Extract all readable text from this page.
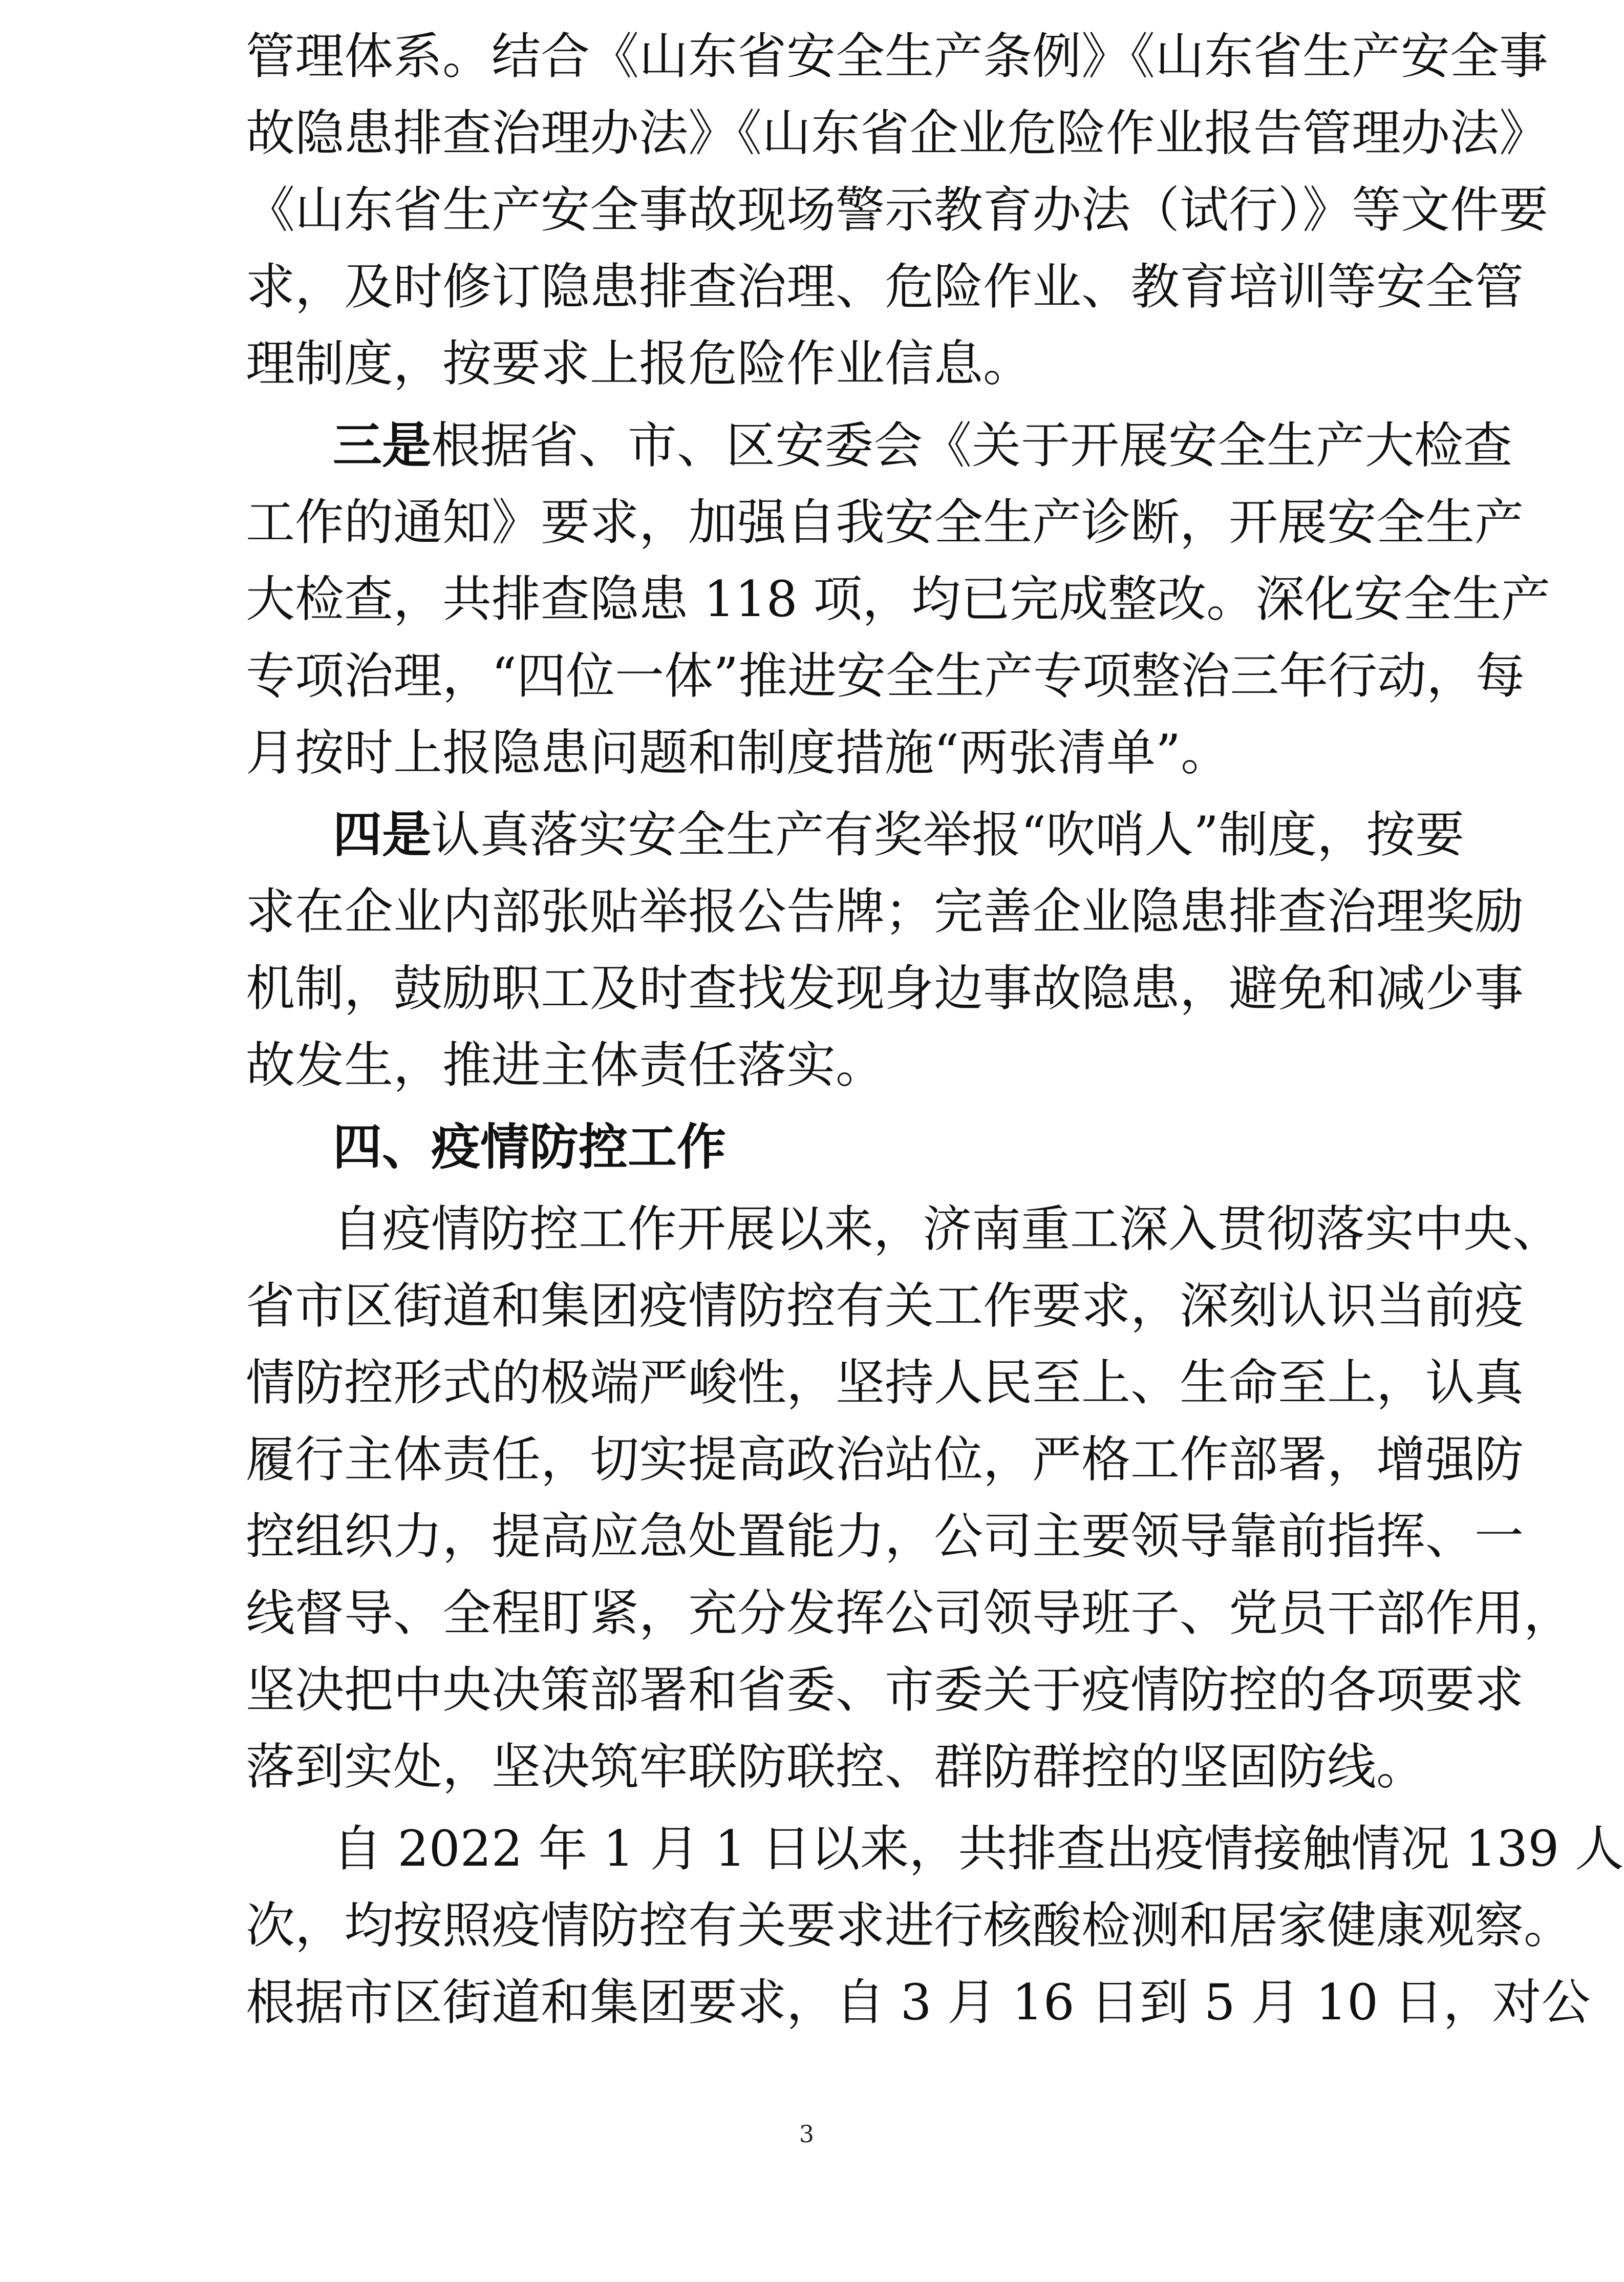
管理体系。结合《山东省安全生产条例》《山东省生产安全事
故隐患排查治理办法》《山东省企业危险作业报告管理办法》
《山东省生产安全事故现场警示教育办法（试行）》等文件要
求，及时修订隐患排查治理、危险作业、教育培训等安全管
理制度，按要求上报危险作业信息。
三是根据省、市、区安委会《关于开展安全生产大检查
工作的通知》要求，加强自我安全生产诊断，开展安全生产
大检查，共排查隐患 118 项，均已完成整改。深化安全生产
专项治理，“四位一体”推进安全生产专项整治三年行动，每
月按时上报隐患问题和制度措施“两张清单”。
四是认真落实安全生产有奖举报“吹哨人”制度，按要
求在企业内部张贴举报公告牌；完善企业隐患排查治理奖励
机制，鼓励职工及时查找发现身边事故隐患，避免和减少事
故发生，推进主体责任落实。
四、疫情防控工作
自疫情防控工作开展以来，济南重工深入贯彻落实中央、
省市区街道和集团疫情防控有关工作要求，深刻认识当前疫
情防控形式的极端严峻性，坚持人民至上、生命至上，认真
履行主体责任，切实提高政治站位，严格工作部署，增强防
控组织力，提高应急处置能力，公司主要领导靠前指挥、一
线督导、全程盯紧，充分发挥公司领导班子、党员干部作用，
坚决把中央决策部署和省委、市委关于疫情防控的各项要求
落到实处，坚决筑牢联防联控、群防群控的坚固防线。
自 2022 年 1 月 1 日以来，共排查出疫情接触情况 139 人
次，均按照疫情防控有关要求进行核酸检测和居家健康观察。
根据市区街道和集团要求，自 3 月 16 日到 5 月 10 日，对公
3
